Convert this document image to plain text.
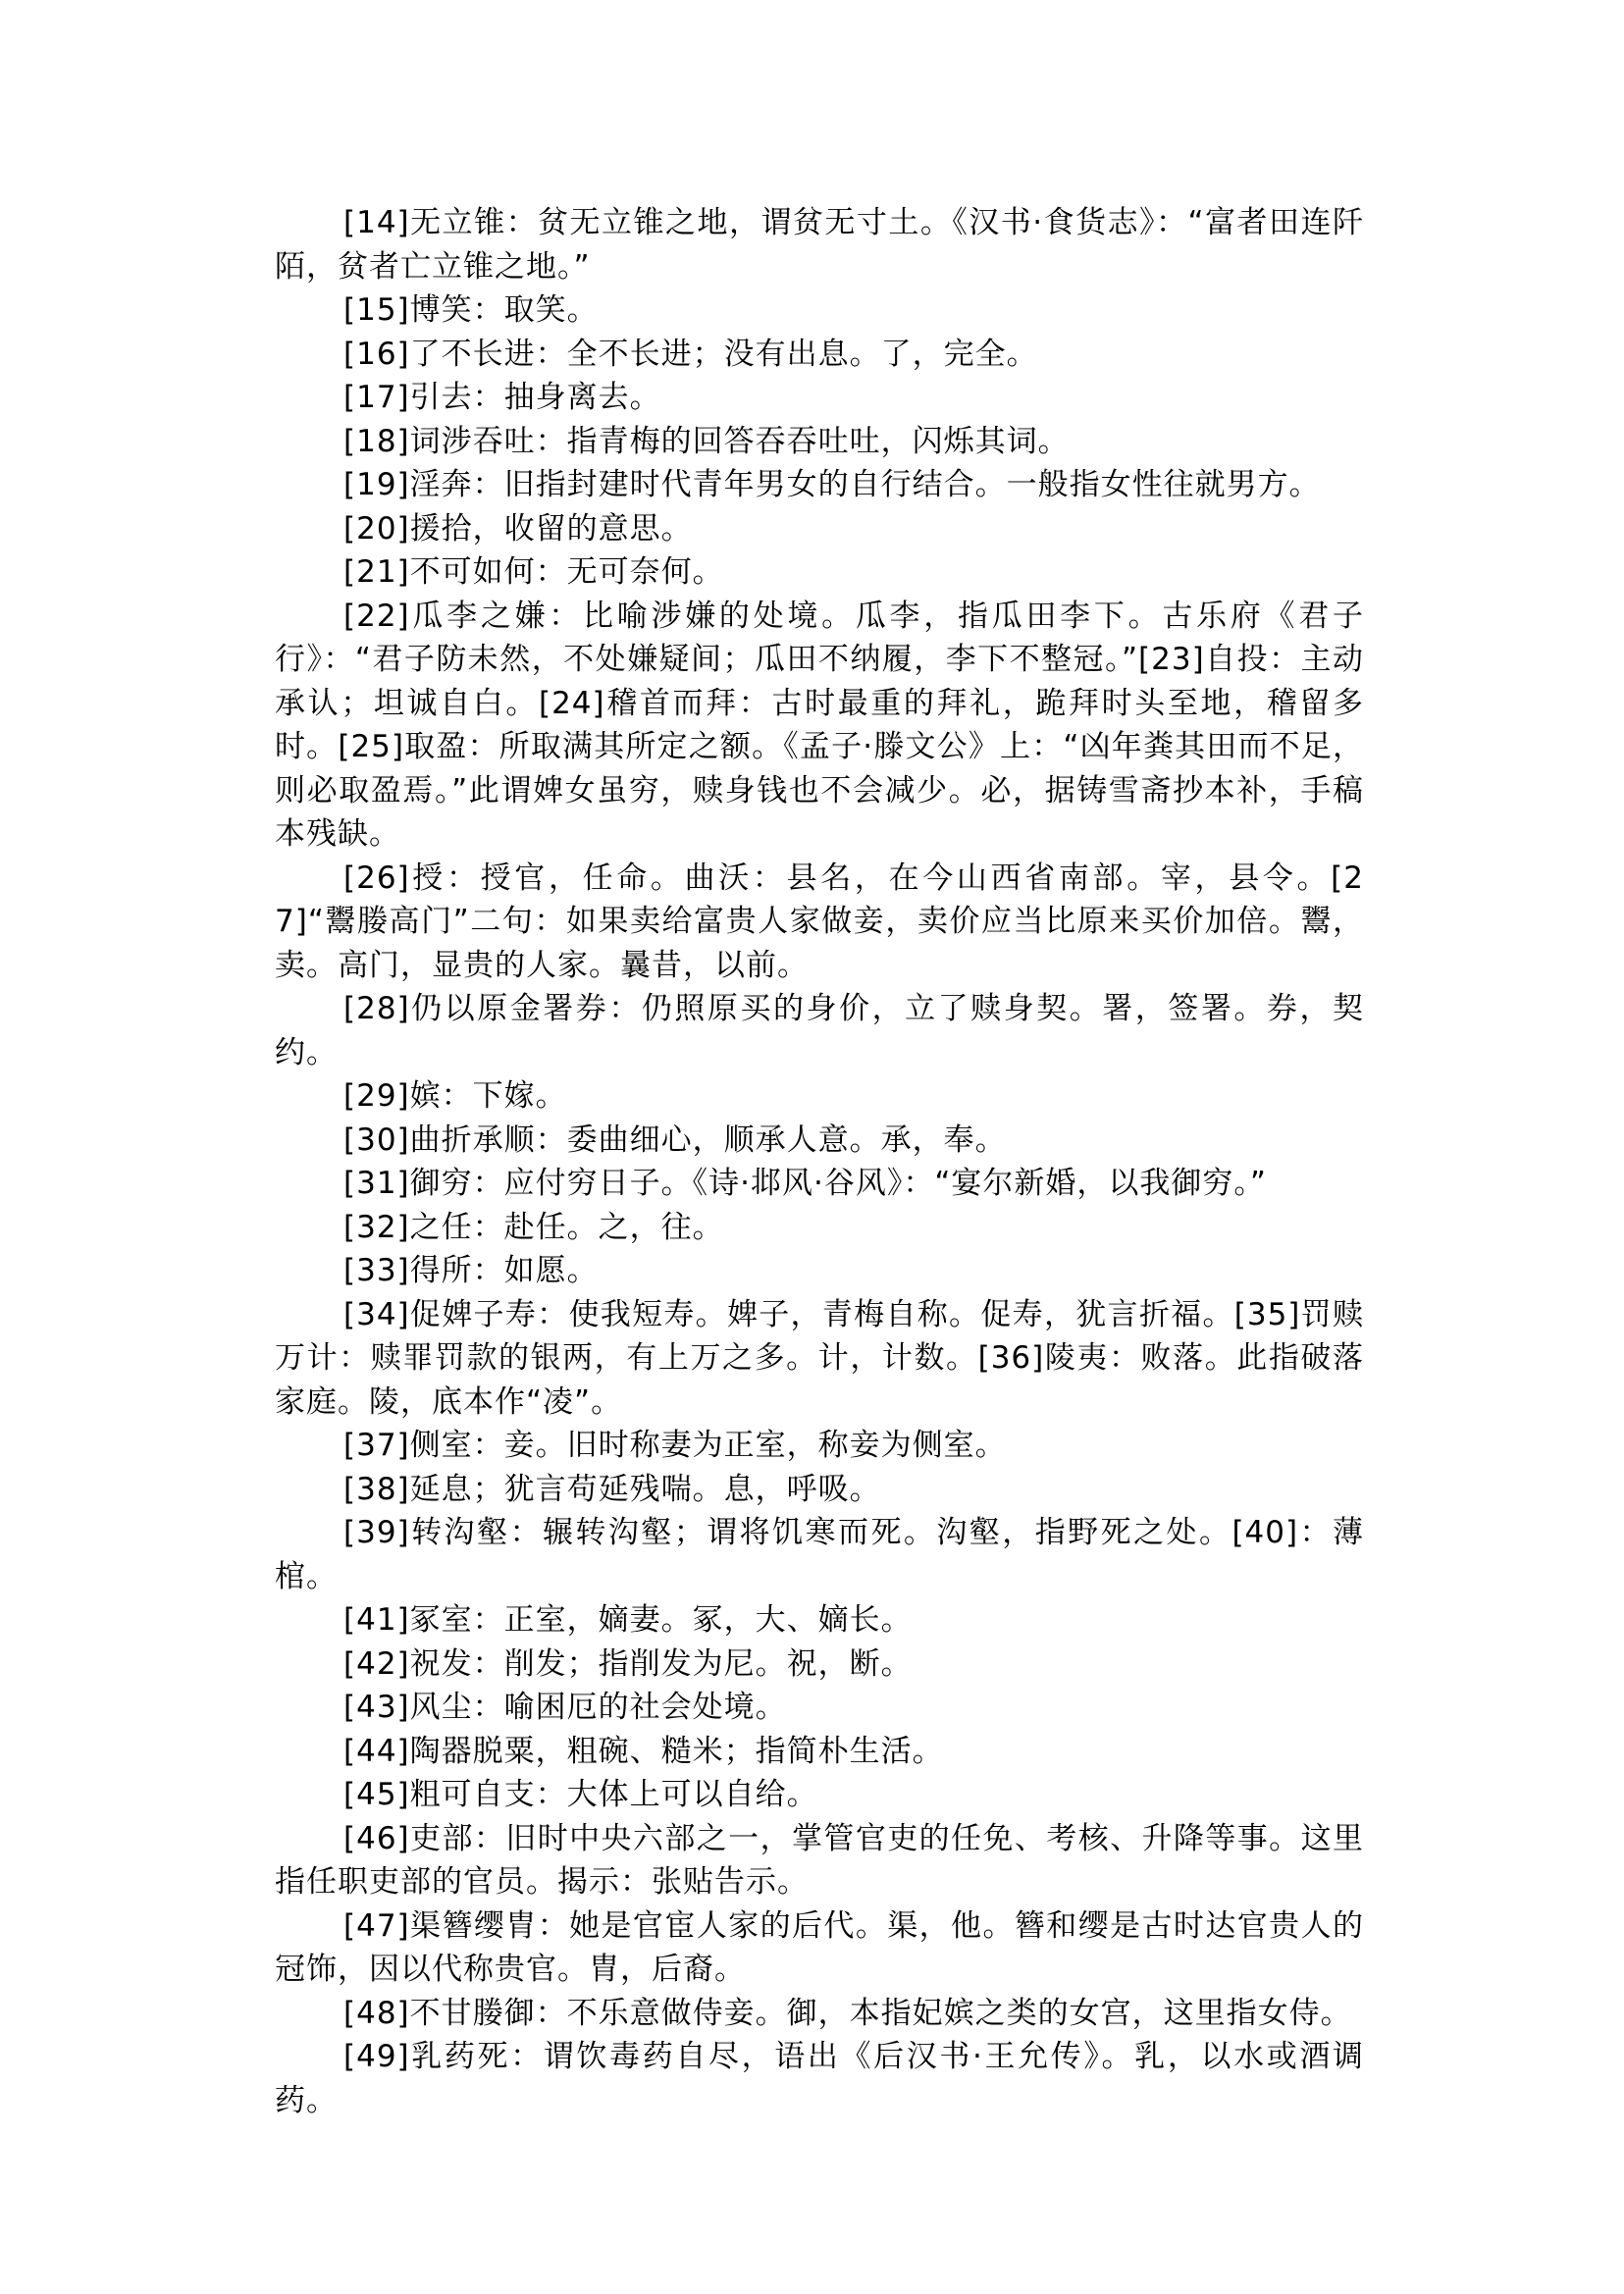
[14]无立锥：贫无立锥之地，谓贫无寸土。《汉书·食货志》：“富者田连阡陌，贫者亡立锥之地。”

[15]博笑：取笑。

[16]了不长进：全不长进；没有出息。了，完全。

[17]引去：抽身离去。

[18]词涉吞吐：指青梅的回答吞吞吐吐，闪烁其词。

[19]淫奔：旧指封建时代青年男女的自行结合。一般指女性往就男方。

[20]援拾，收留的意思。

[21]不可如何：无可奈何。

[22]瓜李之嫌：比喻涉嫌的处境。瓜李，指瓜田李下。古乐府《君子行》：“君子防未然，不处嫌疑间；瓜田不纳履，李下不整冠。”[23]自投：主动承认；坦诚自白。[24]稽首而拜：古时最重的拜礼，跪拜时头至地，稽留多时。[25]取盈：所取满其所定之额。《孟子·滕文公》上：“凶年粪其田而不足，则必取盈焉。”此谓婢女虽穷，赎身钱也不会减少。必，据铸雪斋抄本补，手稿本残缺。

[26]授：授官，任命。曲沃：县名，在今山西省南部。宰，县令。[27]“鬻媵高门”二句：如果卖给富贵人家做妾，卖价应当比原来买价加倍。鬻，卖。高门，显贵的人家。曩昔，以前。

[28]仍以原金署券：仍照原买的身价，立了赎身契。署，签署。券，契约。

[29]嫔：下嫁。

[30]曲折承顺：委曲细心，顺承人意。承，奉。

[31]御穷：应付穷日子。《诗·邶风·谷风》：“宴尔新婚，以我御穷。”

[32]之任：赴任。之，往。

[33]得所：如愿。

[34]促婢子寿：使我短寿。婢子，青梅自称。促寿，犹言折福。[35]罚赎万计：赎罪罚款的银两，有上万之多。计，计数。[36]陵夷：败落。此指破落家庭。陵，底本作“凌”。

[37]侧室：妾。旧时称妻为正室，称妾为侧室。

[38]延息；犹言苟延残喘。息，呼吸。

[39]转沟壑：辗转沟壑；谓将饥寒而死。沟壑，指野死之处。[40]：薄棺。

[41]冢室：正室，嫡妻。冢，大、嫡长。

[42]祝发：削发；指削发为尼。祝，断。

[43]风尘：喻困厄的社会处境。

[44]陶器脱粟，粗碗、糙米；指简朴生活。

[45]粗可自支：大体上可以自给。

[46]吏部：旧时中央六部之一，掌管官吏的任免、考核、升降等事。这里指任职吏部的官员。揭示：张贴告示。

[47]渠簪缨胄：她是官宦人家的后代。渠，他。簪和缨是古时达官贵人的冠饰，因以代称贵官。胄，后裔。

[48]不甘媵御：不乐意做侍妾。御，本指妃嫔之类的女宫，这里指女侍。

[49]乳药死：谓饮毒药自尽，语出《后汉书·王允传》。乳，以水或酒调药。
